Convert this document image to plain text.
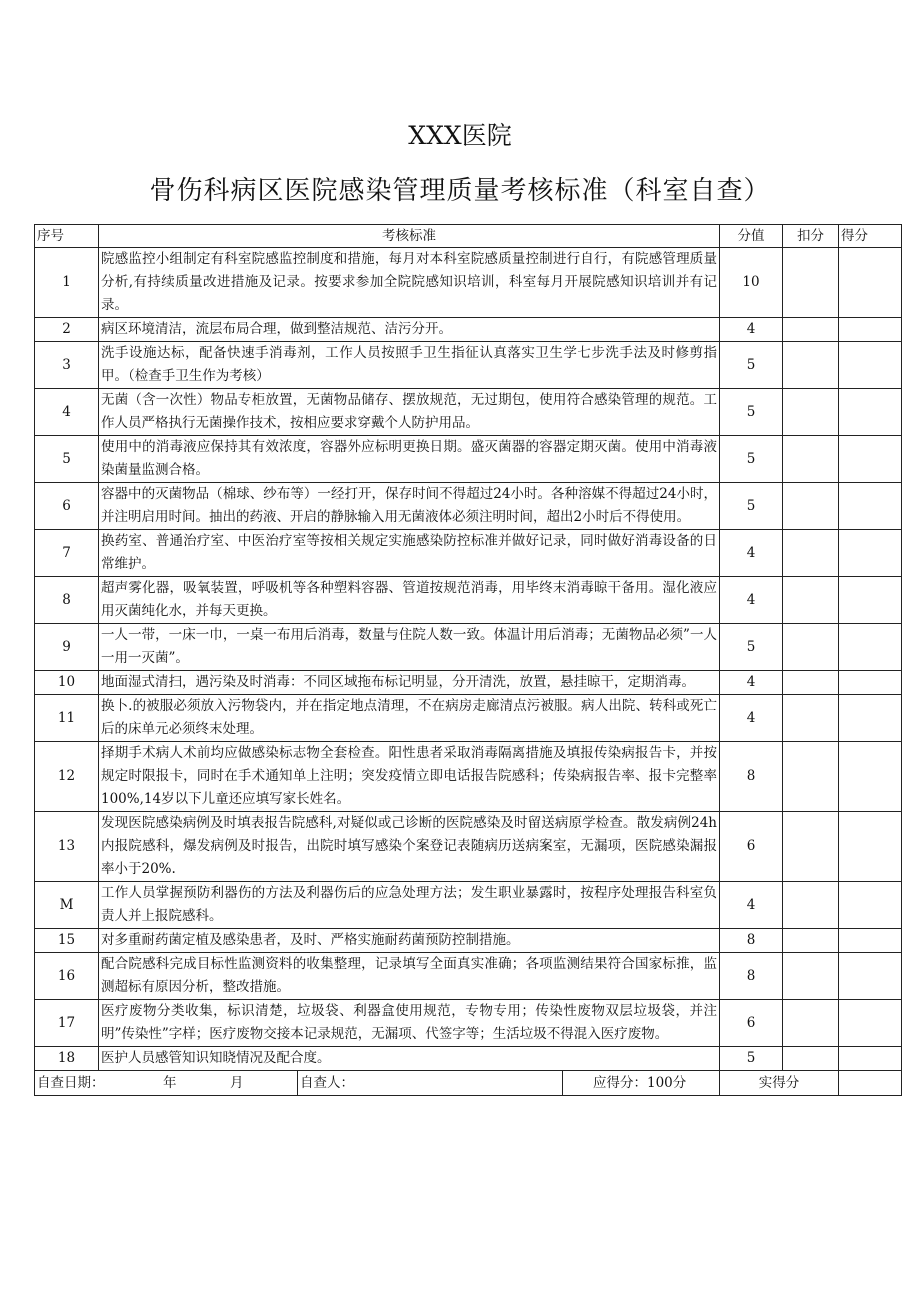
XXX医院
骨伤科病区医院感染管理质量考核标准（科室自查）
序号	考核标准	分值	扣分	得分
1	院感监控小组制定有科室院感监控制度和措施，每月对本科室院感质量控制进行自行，有院感管理质量分析,有持续质量改进措施及记录。按要求参加全院院感知识培训，科室每月开展院感知识培训并有记录。	10		
2	病区环境清洁，流层布局合理，做到整洁规范、洁污分开。	4		
3	洗手设施达标，配备快速手消毒剂，工作人员按照手卫生指征认真落实卫生学七步洗手法及时修剪指甲。（检查手卫生作为考核）	5		
4	无菌（含一次性）物品专柜放置，无菌物品储存、摆放规范，无过期包，使用符合感染管理的规范。工作人员严格执行无菌操作技术，按相应要求穿戴个人防护用品。	5		
5	使用中的消毒液应保持其有效浓度，容器外应标明更换日期。盛灭菌器的容器定期灭菌。使用中消毒液染菌量监测合格。	5		
6	容器中的灭菌物品（棉球、纱布等）一经打开，保存时间不得超过24小时。各种溶媒不得超过24小时，并注明启用时间。抽出的药液、开启的静脉输入用无菌液体必须注明时间，超出2小时后不得使用。	5		
7	换药室、普通治疗室、中医治疗室等按相关规定实施感染防控标准并做好记录，同时做好消毒设备的日常维护。	4		
8	超声雾化器，吸氧装置，呼吸机等各种塑料容器、管道按规范消毒，用毕终末消毒晾干备用。湿化液应用灭菌纯化水，并每天更换。	4		
9	一人一带，一床一巾，一桌一布用后消毒，数量与住院人数一致。体温计用后消毒；无菌物品必须”一人一用一灭菌”。	5		
10	地面湿式清扫，遇污染及时消毒：不同区域拖布标记明显，分开清洗，放置，悬挂晾干，定期消毒。	4		
11	换卜.的被服必须放入污物袋内，并在指定地点清理，不在病房走廊清点污被服。病人出院、转科或死亡后的床单元必须终末处理。	4		
12	择期手术病人术前均应做感染标志物全套检查。阳性患者采取消毒隔离措施及填报传染病报告卡，并按规定时限报卡，同时在手术通知单上注明；突发疫情立即电话报告院感科；传染病报告率、报卡完整率100%,14岁以下儿童还应填写家长姓名。	8		
13	发现医院感染病例及时填表报告院感科,对疑似或己诊断的医院感染及时留送病原学检查。散发病例24h内报院感科，爆发病例及时报告，出院时填写感染个案登记表随病历送病案室，无漏项，医院感染漏报率小于20%.	6		
M	工作人员掌握预防利器伤的方法及利器伤后的应急处理方法；发生职业暴露时，按程序处理报告科室负责人并上报院感科。	4		
15	对多重耐药菌定植及感染患者，及时、严格实施耐药菌预防控制措施。	8		
16	配合院感科完成目标性监测资料的收集整理，记录填写全面真实准确；各项监测结果符合国家标推，监测超标有原因分析，整改措施。	8		
17	医疗废物分类收集，标识清楚，垃圾袋、利器盒使用规范，专物专用；传染性废物双层垃圾袋，并注明”传染性”字样；医疗废物交接本记录规范，无漏项、代签字等；生活垃圾不得混入医疗废物。	6		
18	医护人员感管知识知晓情况及配合度。	5		

自查日期： 年 月 自查人： 应得分：100分		实得分		
